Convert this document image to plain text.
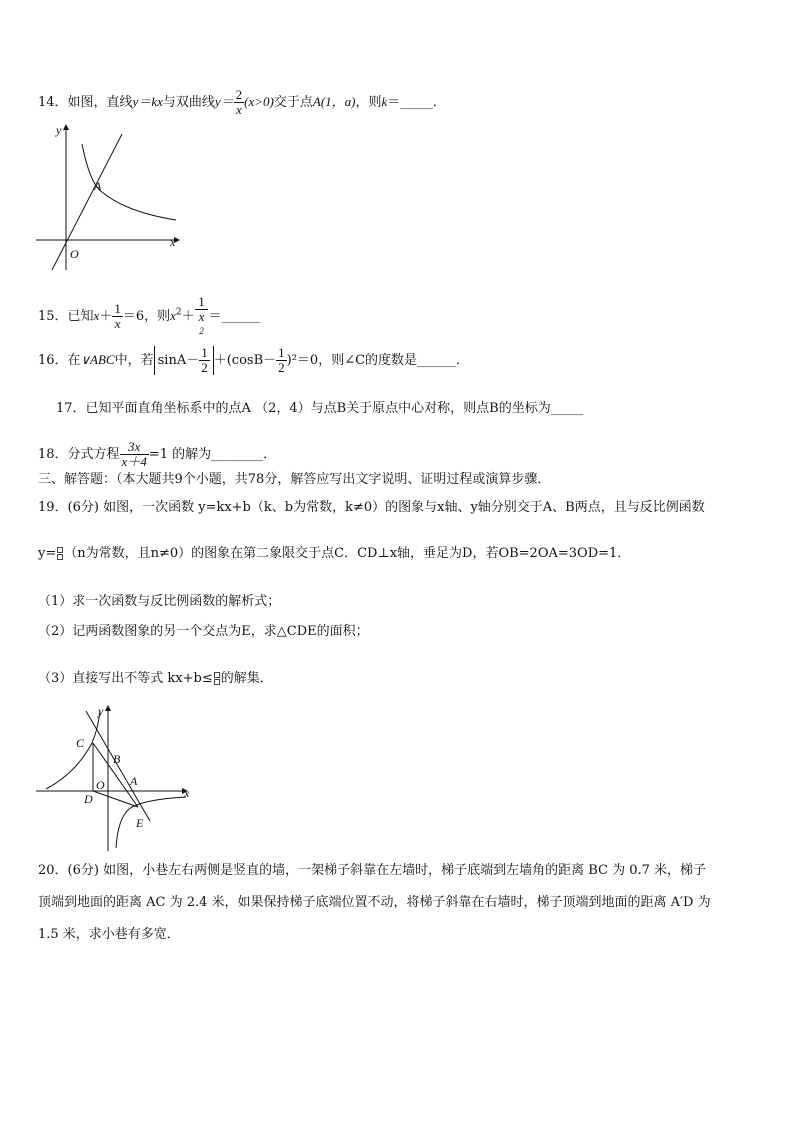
14．如图，直线y＝kx与双曲线$y= \frac{2}{x} (x>0)$交于点A(1，a)，则k＝_____．
y
x
A
O
15．已知$x+ \frac{1}{x} =6$，则$x^2+ 1$
x
2 ＝______
16．在∨ABC中，若 $\sin A- \frac{1}{2} +(\cos B- \frac{1}{2} )^2=0$，则∠C的度数是______．
17．已知平面直角坐标系中的点A （2，4）与点B关于原点中心对称，则点B的坐标为_____
18．分式方程 $\frac{3x}{x+4} =1$ 的解为________．
三、解答题：（本大题共9个小题，共78分，解答应写出文字说明、证明过程或演算步骤．
19．(6分) 如图，一次函数 y=kx+b（k、b为常数，k≠0）的图象与x轴、y轴分别交于A、B两点，且与反比例函数
y= （n为常数，且n≠0）的图象在第二象限交于点C．CD⊥x轴，垂足为D，若OB=2OA=3OD=1．
（1）求一次函数与反比例函数的解析式；
（2）记两函数图象的另一个交点为E，求△CDE的面积；
（3）直接写出不等式 kx+b≤ 的解集．
y
x
C
B
A
O
D
E
20．(6分) 如图，小巷左右两侧是竖直的墙，一架梯子斜靠在左墙时，梯子底端到左墙角的距离 BC 为 0.7 米，梯子
顶端到地面的距离 AC 为 2.4 米，如果保持梯子底端位置不动，将梯子斜靠在右墙时，梯子顶端到地面的距离 A′D 为
1.5 米，求小巷有多宽．
